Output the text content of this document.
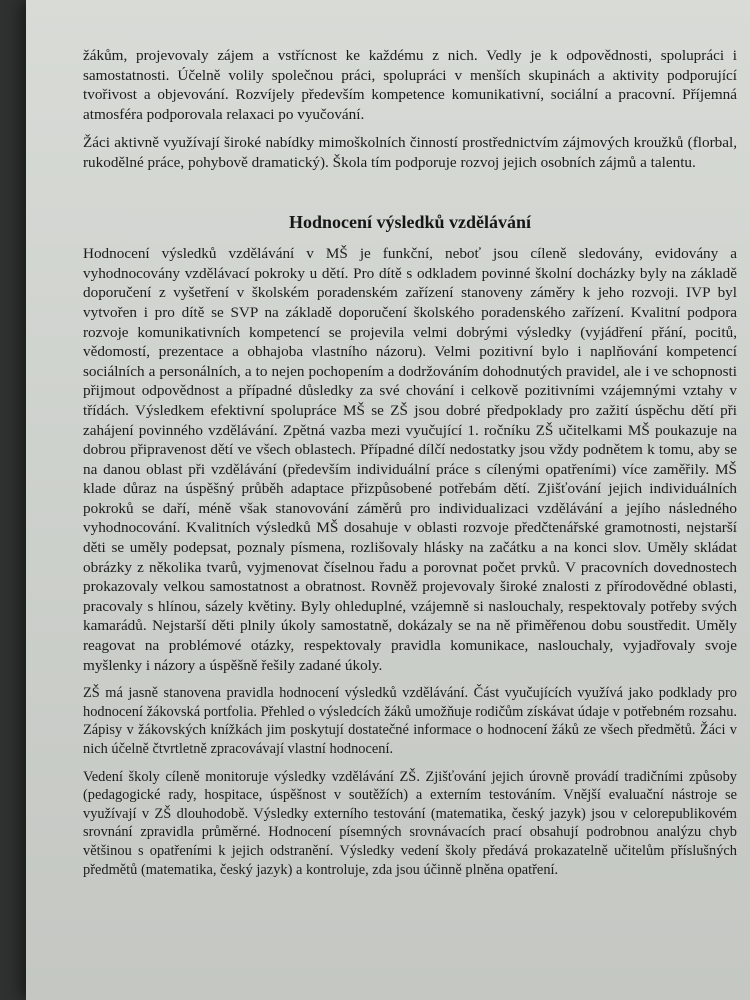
žákům, projevovaly zájem a vstřícnost ke každému z nich. Vedly je k odpovědnosti, spolupráci i samostatnosti. Účelně volily společnou práci, spolupráci v menších skupinách a aktivity podporující tvořivost a objevování. Rozvíjely především kompetence komunikativní, sociální a pracovní. Příjemná atmosféra podporovala relaxaci po vyučování.

Žáci aktivně využívají široké nabídky mimoškolních činností prostřednictvím zájmových kroužků (florbal, rukodělné práce, pohybově dramatický). Škola tím podporuje rozvoj jejich osobních zájmů a talentu.

Hodnocení výsledků vzdělávání

Hodnocení výsledků vzdělávání v MŠ je funkční, neboť jsou cíleně sledovány, evidovány a vyhodnocovány vzdělávací pokroky u dětí. Pro dítě s odkladem povinné školní docházky byly na základě doporučení z vyšetření v školském poradenském zařízení stanoveny záměry k jeho rozvoji. IVP byl vytvořen i pro dítě se SVP na základě doporučení školského poradenského zařízení. Kvalitní podpora rozvoje komunikativních kompetencí se projevila velmi dobrými výsledky (vyjádření přání, pocitů, vědomostí, prezentace a obhajoba vlastního názoru). Velmi pozitivní bylo i naplňování kompetencí sociálních a personálních, a to nejen pochopením a dodržováním dohodnutých pravidel, ale i ve schopnosti přijmout odpovědnost a případné důsledky za své chování i celkově pozitivními vzájemnými vztahy v třídách. Výsledkem efektivní spolupráce MŠ se ZŠ jsou dobré předpoklady pro zažití úspěchu dětí při zahájení povinného vzdělávání. Zpětná vazba mezi vyučující 1. ročníku ZŠ učitelkami MŠ poukazuje na dobrou připravenost dětí ve všech oblastech. Případné dílčí nedostatky jsou vždy podnětem k tomu, aby se na danou oblast při vzdělávání (především individuální práce s cílenými opatřeními) více zaměřily. MŠ klade důraz na úspěšný průběh adaptace přizpůsobené potřebám dětí. Zjišťování jejich individuálních pokroků se daří, méně však stanovování záměrů pro individualizaci vzdělávání a jejího následného vyhodnocování. Kvalitních výsledků MŠ dosahuje v oblasti rozvoje předčtenářské gramotnosti, nejstarší děti se uměly podepsat, poznaly písmena, rozlišovaly hlásky na začátku a na konci slov. Uměly skládat obrázky z několika tvarů, vyjmenovat číselnou řadu a porovnat počet prvků. V pracovních dovednostech prokazovaly velkou samostatnost a obratnost. Rovněž projevovaly široké znalosti z přírodovědné oblasti, pracovaly s hlínou, sázely květiny. Byly ohleduplné, vzájemně si naslouchaly, respektovaly potřeby svých kamarádů. Nejstarší děti plnily úkoly samostatně, dokázaly se na ně přiměřenou dobu soustředit. Uměly reagovat na problémové otázky, respektovaly pravidla komunikace, naslouchaly, vyjadřovaly svoje myšlenky i názory a úspěšně řešily zadané úkoly.

ZŠ má jasně stanovena pravidla hodnocení výsledků vzdělávání. Část vyučujících využívá jako podklady pro hodnocení žákovská portfolia. Přehled o výsledcích žáků umožňuje rodičům získávat údaje v potřebném rozsahu. Zápisy v žákovských knížkách jim poskytují dostatečné informace o hodnocení žáků ze všech předmětů. Žáci v nich účelně čtvrtletně zpracovávají vlastní hodnocení.

Vedení školy cíleně monitoruje výsledky vzdělávání ZŠ. Zjišťování jejich úrovně provádí tradičními způsoby (pedagogické rady, hospitace, úspěšnost v soutěžích) a externím testováním. Vnější evaluační nástroje se využívají v ZŠ dlouhodobě. Výsledky externího testování (matematika, český jazyk) jsou v celorepublikovém srovnání zpravidla průměrné. Hodnocení písemných srovnávacích prací obsahují podrobnou analýzu chyb většinou s opatřeními k jejich odstranění. Výsledky vedení školy předává prokazatelně učitelům příslušných předmětů (matematika, český jazyk) a kontroluje, zda jsou účinně plněna opatření.
